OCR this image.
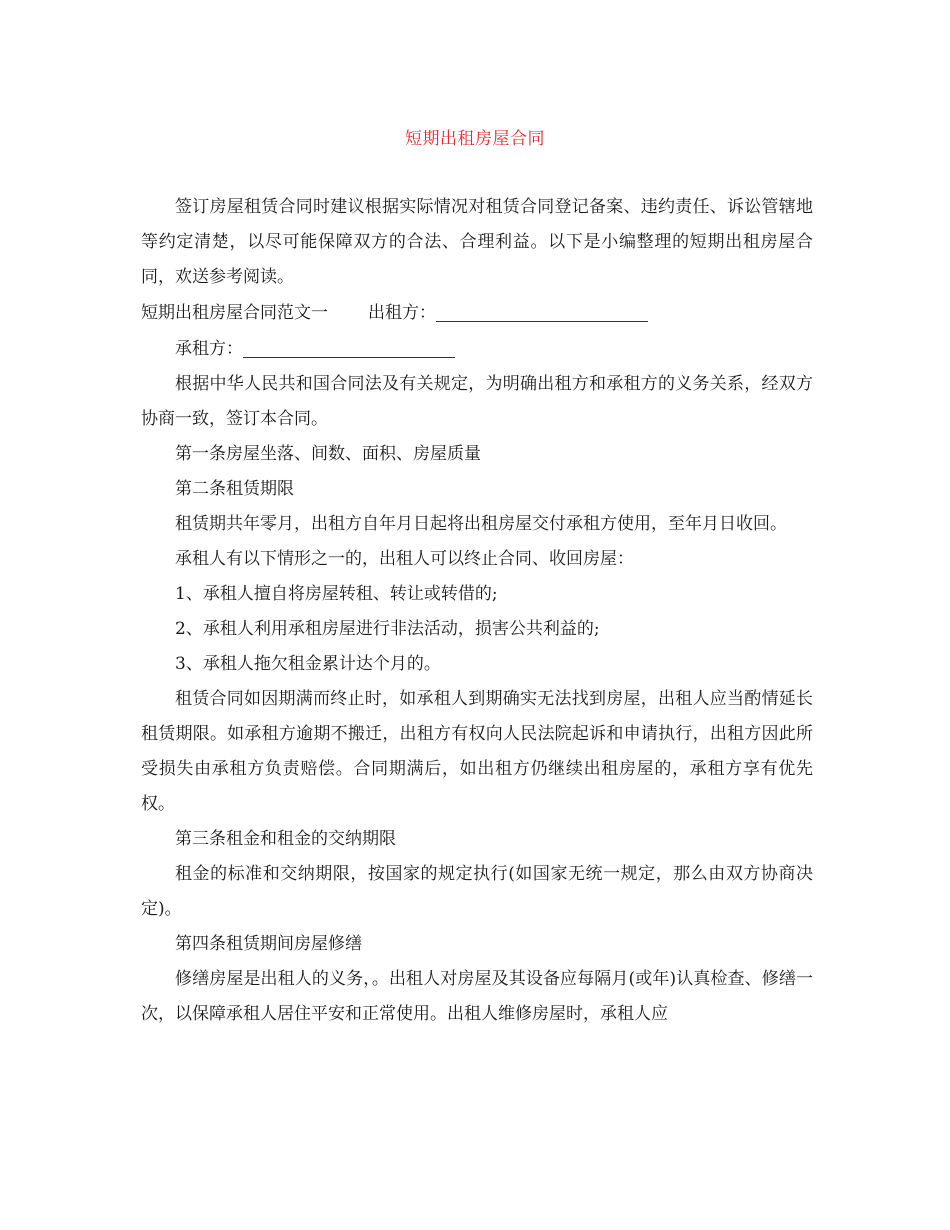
短期出租房屋合同

签订房屋租赁合同时建议根据实际情况对租赁合同登记备案、违约责任、诉讼管辖地等约定清楚，以尽可能保障双方的合法、合理利益。以下是小编整理的短期出租房屋合同，欢送参考阅读。

短期出租房屋合同范文一 出租方：

承租方：

根据中华人民共和国合同法及有关规定，为明确出租方和承租方的义务关系，经双方协商一致，签订本合同。

第一条房屋坐落、间数、面积、房屋质量

第二条租赁期限

租赁期共年零月，出租方自年月日起将出租房屋交付承租方使用，至年月日收回。

承租人有以下情形之一的，出租人可以终止合同、收回房屋：

1、承租人擅自将房屋转租、转让或转借的;

2、承租人利用承租房屋进行非法活动，损害公共利益的;

3、承租人拖欠租金累计达个月的。

租赁合同如因期满而终止时，如承租人到期确实无法找到房屋，出租人应当酌情延长租赁期限。如承租方逾期不搬迁，出租方有权向人民法院起诉和申请执行，出租方因此所受损失由承租方负责赔偿。合同期满后，如出租方仍继续出租房屋的，承租方享有优先权。

第三条租金和租金的交纳期限

租金的标准和交纳期限，按国家的规定执行(如国家无统一规定，那么由双方协商决定)。

第四条租赁期间房屋修缮

修缮房屋是出租人的义务，。出租人对房屋及其设备应每隔月(或年)认真检查、修缮一次，以保障承租人居住平安和正常使用。出租人维修房屋时，承租人应
